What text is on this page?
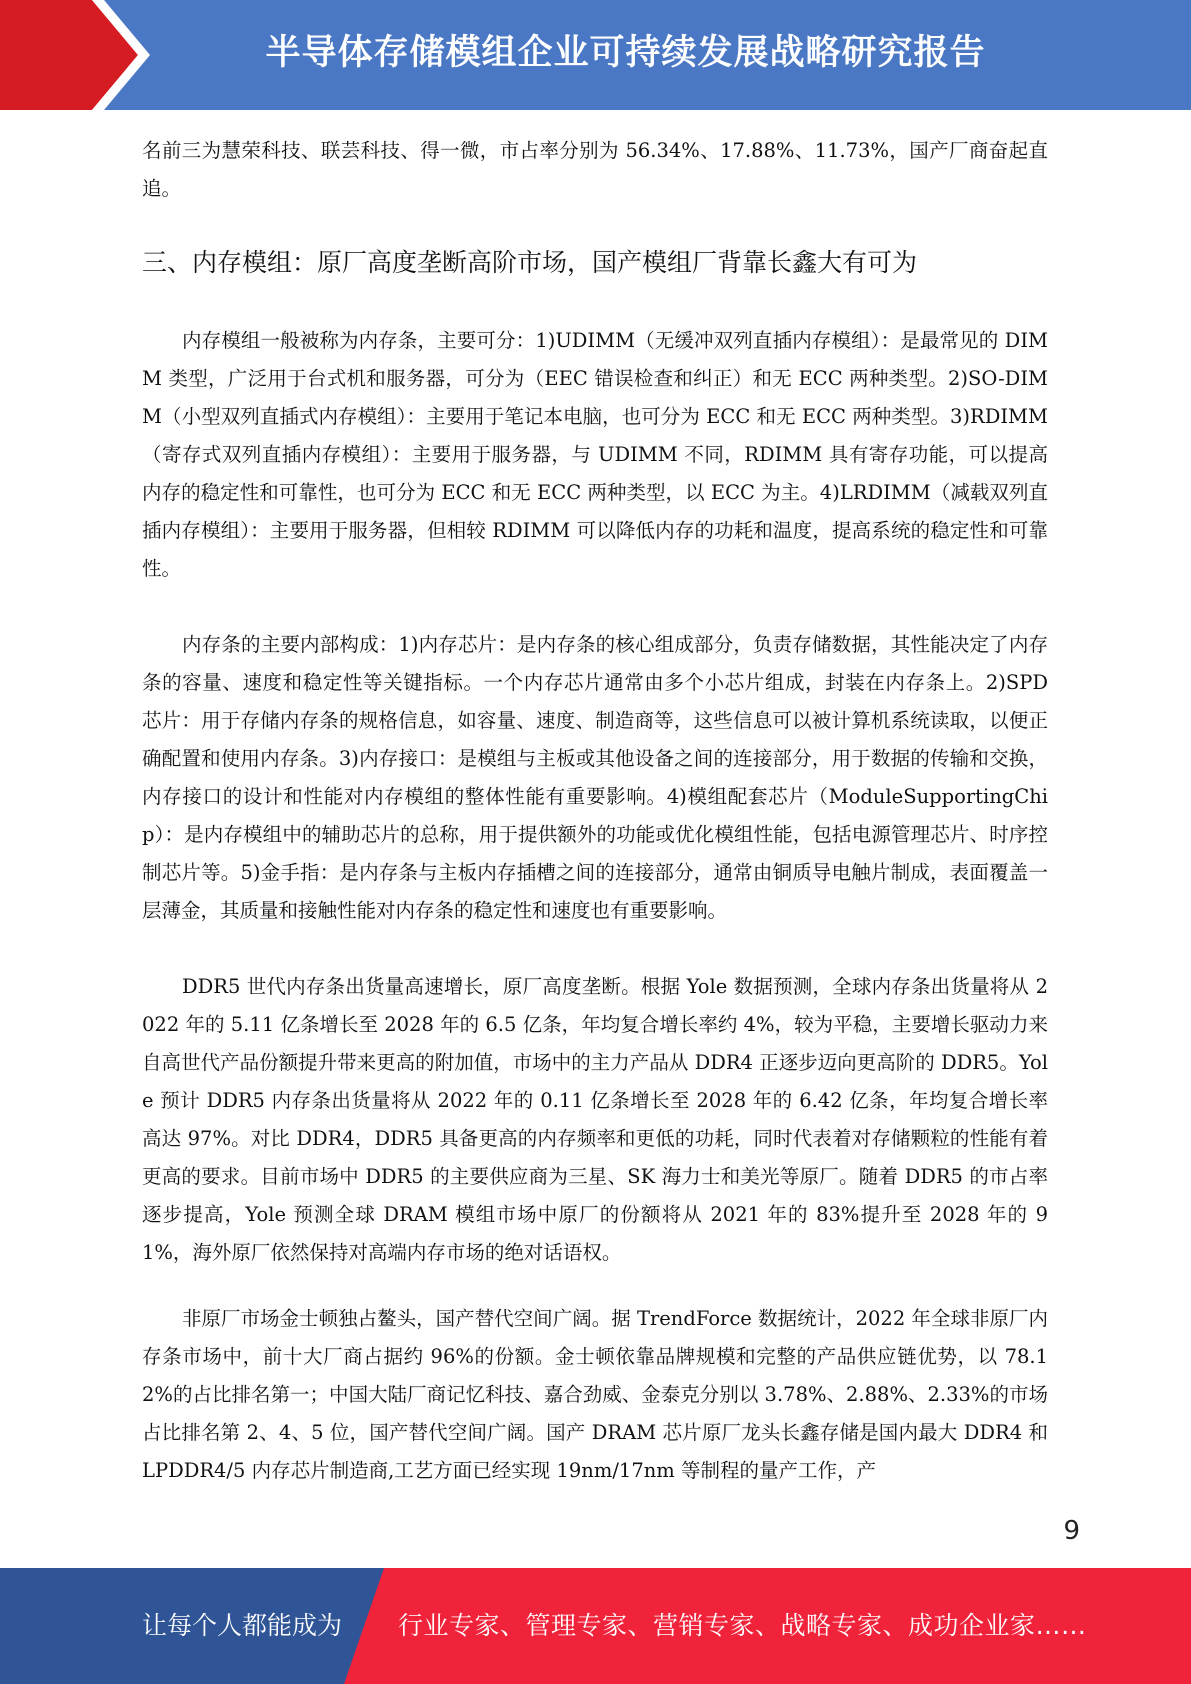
半导体存储模组企业可持续发展战略研究报告

名前三为慧荣科技、联芸科技、得一微，市占率分别为 56.34%、17.88%、11.73%，国产厂商奋起直追。

三、内存模组：原厂高度垄断高阶市场，国产模组厂背靠长鑫大有可为

内存模组一般被称为内存条，主要可分：1)UDIMM（无缓冲双列直插内存模组）：是最常见的 DIMM 类型，广泛用于台式机和服务器，可分为（EEC 错误检查和纠正）和无 ECC 两种类型。2)SO-DIMM（小型双列直插式内存模组）：主要用于笔记本电脑，也可分为 ECC 和无 ECC 两种类型。3)RDIMM（寄存式双列直插内存模组）：主要用于服务器，与 UDIMM 不同，RDIMM 具有寄存功能，可以提高内存的稳定性和可靠性，也可分为 ECC 和无 ECC 两种类型，以 ECC 为主。4)LRDIMM（减载双列直插内存模组）：主要用于服务器，但相较 RDIMM 可以降低内存的功耗和温度，提高系统的稳定性和可靠性。

内存条的主要内部构成：1)内存芯片：是内存条的核心组成部分，负责存储数据，其性能决定了内存条的容量、速度和稳定性等关键指标。一个内存芯片通常由多个小芯片组成，封装在内存条上。2)SPD 芯片：用于存储内存条的规格信息，如容量、速度、制造商等，这些信息可以被计算机系统读取，以便正确配置和使用内存条。3)内存接口：是模组与主板或其他设备之间的连接部分，用于数据的传输和交换，内存接口的设计和性能对内存模组的整体性能有重要影响。4)模组配套芯片（ModuleSupportingChip）：是内存模组中的辅助芯片的总称，用于提供额外的功能或优化模组性能，包括电源管理芯片、时序控制芯片等。5)金手指：是内存条与主板内存插槽之间的连接部分，通常由铜质导电触片制成，表面覆盖一层薄金，其质量和接触性能对内存条的稳定性和速度也有重要影响。

DDR5 世代内存条出货量高速增长，原厂高度垄断。根据 Yole 数据预测，全球内存条出货量将从 2022 年的 5.11 亿条增长至 2028 年的 6.5 亿条，年均复合增长率约 4%，较为平稳，主要增长驱动力来自高世代产品份额提升带来更高的附加值，市场中的主力产品从 DDR4 正逐步迈向更高阶的 DDR5。Yole 预计 DDR5 内存条出货量将从 2022 年的 0.11 亿条增长至 2028 年的 6.42 亿条，年均复合增长率高达 97%。对比 DDR4，DDR5 具备更高的内存频率和更低的功耗，同时代表着对存储颗粒的性能有着更高的要求。目前市场中 DDR5 的主要供应商为三星、SK 海力士和美光等原厂。随着 DDR5 的市占率逐步提高，Yole 预测全球 DRAM 模组市场中原厂的份额将从 2021 年的 83%提升至 2028 年的 91%，海外原厂依然保持对高端内存市场的绝对话语权。

非原厂市场金士顿独占鳌头，国产替代空间广阔。据 TrendForce 数据统计，2022 年全球非原厂内存条市场中，前十大厂商占据约 96%的份额。金士顿依靠品牌规模和完整的产品供应链优势，以 78.12%的占比排名第一；中国大陆厂商记忆科技、嘉合劲威、金泰克分别以 3.78%、2.88%、2.33%的市场占比排名第 2、4、5 位，国产替代空间广阔。国产 DRAM 芯片原厂龙头长鑫存储是国内最大 DDR4 和 LPDDR4/5 内存芯片制造商,工艺方面已经实现 19nm/17nm 等制程的量产工作，产

9
让每个人都能成为 行业专家、管理专家、营销专家、战略专家、成功企业家……
